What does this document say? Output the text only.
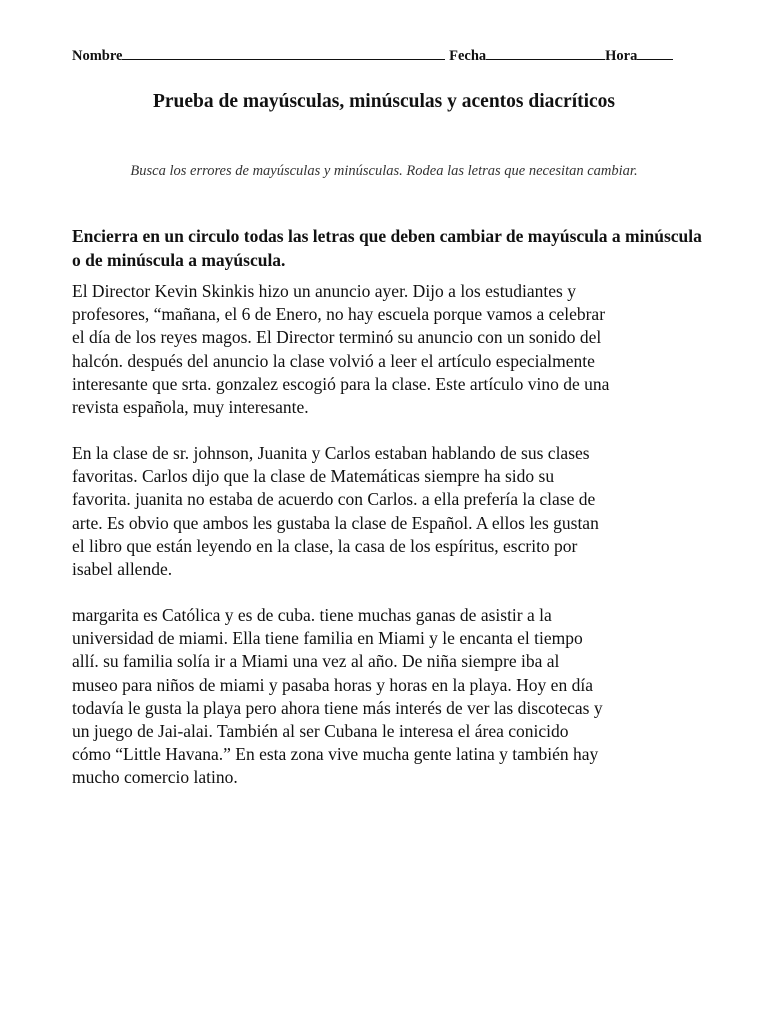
Nombre	Fecha	Hora
Prueba de mayúsculas, minúsculas y acentos diacríticos
Busca los errores de mayúsculas y minúsculas. Rodea las letras que necesitan cambiar.
Encierra en un circulo todas las letras que deben cambiar de mayúscula a minúscula o de minúscula a mayúscula.
El Director Kevin Skinkis hizo un anuncio ayer. Dijo a los estudiantes y
profesores, “mañana, el 6 de Enero, no hay escuela porque vamos a celebrar
el día de los reyes magos. El Director terminó su anuncio con un sonido del
halcón. después del anuncio la clase volvió a leer el artículo especialmente
interesante que srta. gonzalez escogió para la clase. Este artículo vino de una
revista española, muy interesante.
En la clase de sr. johnson, Juanita y Carlos estaban hablando de sus clases
favoritas. Carlos dijo que la clase de Matemáticas siempre ha sido su
favorita. juanita no estaba de acuerdo con Carlos. a ella prefería la clase de
arte. Es obvio que ambos les gustaba la clase de Español. A ellos les gustan
el libro que están leyendo en la clase, la casa de los espíritus, escrito por
isabel allende.
margarita es Católica y es de cuba. tiene muchas ganas de asistir a la
universidad de miami. Ella tiene familia en Miami y le encanta el tiempo
allí. su familia solía ir a Miami una vez al año. De niña siempre iba al
museo para niños de miami y pasaba horas y horas en la playa. Hoy en día
todavía le gusta la playa pero ahora tiene más interés de ver las discotecas y
un juego de Jai-alai. También al ser Cubana le interesa el área conicido
cómo “Little Havana.” En esta zona vive mucha gente latina y también hay
mucho comercio latino.
